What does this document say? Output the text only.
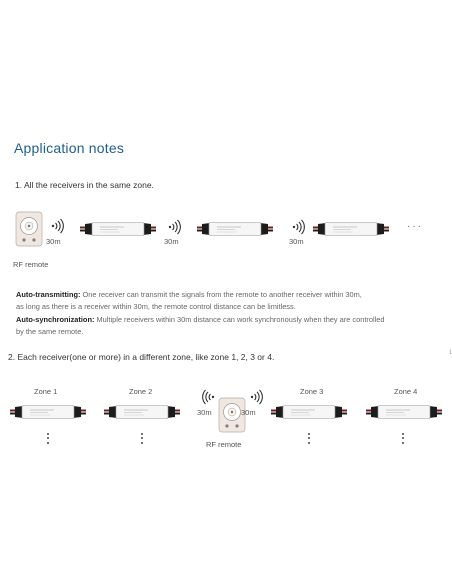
Application notes
1. All the receivers in the same zone.
30m
RF remote
30m	30m
···
Auto-transmitting: One receiver can transmit the signals from the remote to another receiver within 30m,
as long as there is a receiver within 30m, the remote control distance can be limitless.
Auto-synchronization: Multiple receivers within 30m distance can work synchronously when they are controlled
by the same remote.
1
2. Each receiver(one or more) in a different zone, like zone 1, 2, 3 or 4.
Zone 1	Zone 2	Zone 3	Zone 4
30m	30m
RF remote
